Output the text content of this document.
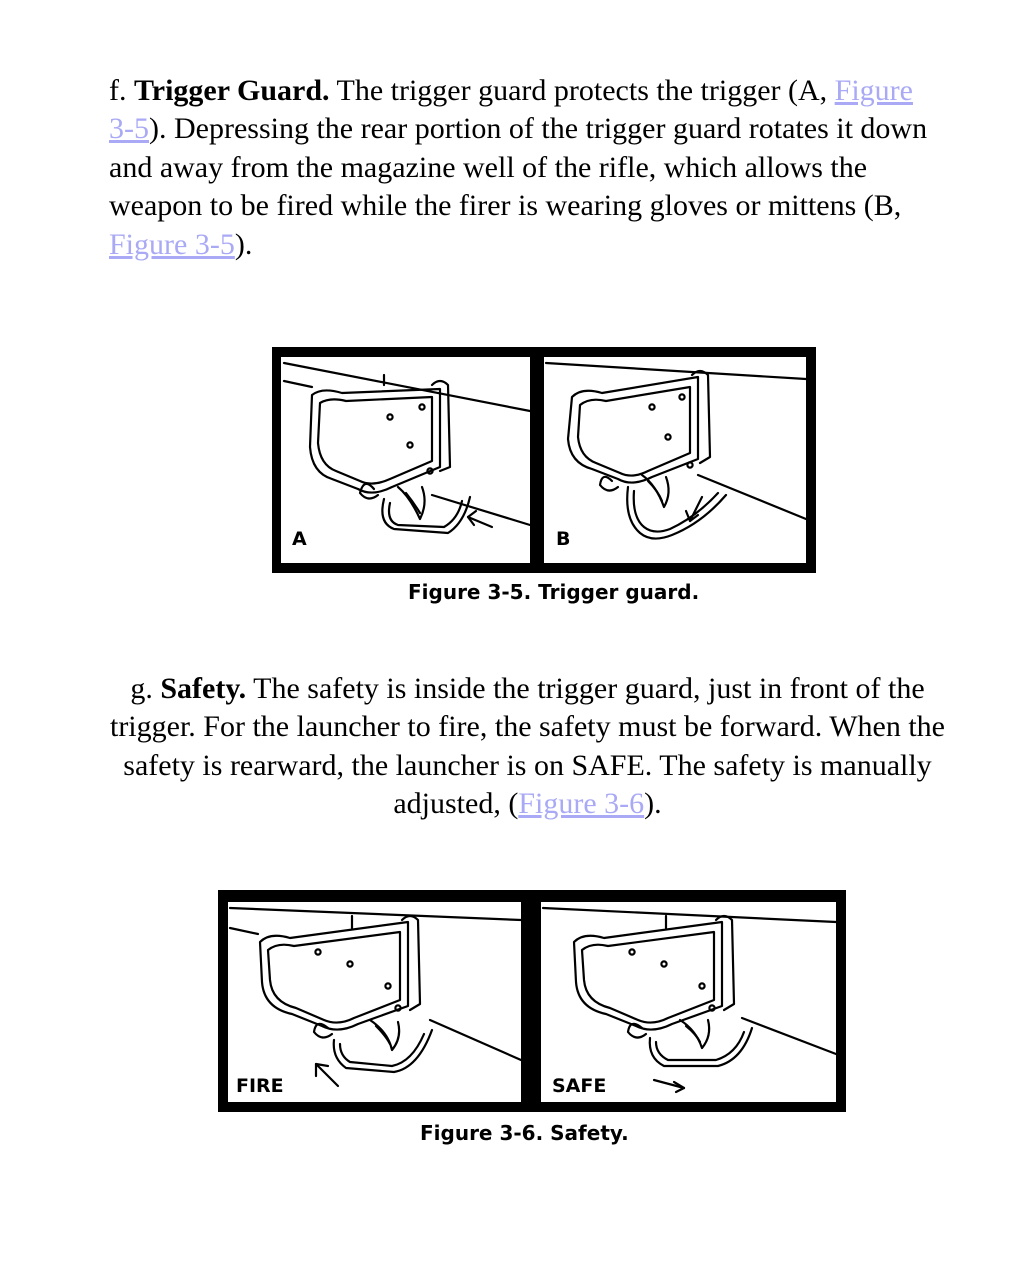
f. Trigger Guard. The trigger guard protects the trigger (A, Figure 3-5). Depressing the rear portion of the trigger guard rotates it down and away from the magazine well of the rifle, which allows the weapon to be fired while the firer is wearing gloves or mittens (B, Figure 3-5).

A	B
Figure 3-5. Trigger guard.

g. Safety. The safety is inside the trigger guard, just in front of the trigger. For the launcher to fire, the safety must be forward. When the safety is rearward, the launcher is on SAFE. The safety is manually adjusted, (Figure 3-6).

FIRE	SAFE
Figure 3-6. Safety.
